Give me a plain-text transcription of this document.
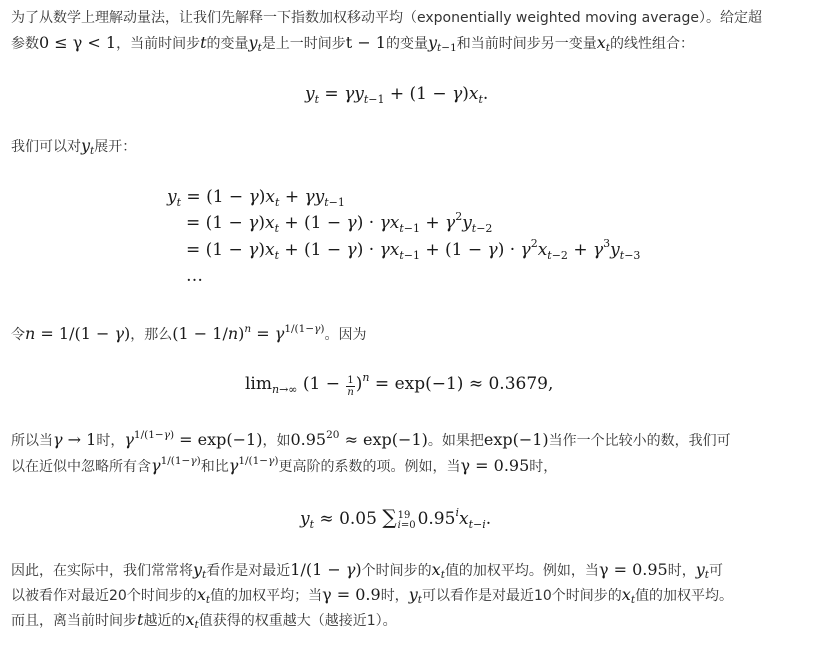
为了从数学上理解动量法，让我们先解释一下指数加权移动平均（exponentially weighted moving average）。给定超
参数0 ≤ γ < 1，当前时间步t的变量$y_t$是上一时间步t − 1的变量$y_{t-1}$和当前时间步另一变量$x_t$的线性组合：
$y_t = \gamma y_{t-1} + (1 - \gamma)x_t$.
我们可以对$y_t$展开：
$y_t = (1 - \gamma)x_t + \gamma y_{t-1}$
= $(1 - \gamma)x_t + (1 - \gamma) \cdot \gamma x_{t-1} + \gamma^2y_{t-2}$
= $(1 - \gamma)x_t + (1 - \gamma) \cdot \gamma x_{t-1} + (1 - \gamma) \cdot \gamma^2x_{t-2} + \gamma^3y_{t-3}$
…
令n = 1/(1 − γ)，那么$(1 - 1/n)^n = \gamma^{1/(1-\gamma)}$。因为
$\lim_{n\to\infty} (1 - \frac{1}{n} )^n = \exp(-1) \approx 0.3679$,
所以当γ → 1时，$\gamma^{1/(1-\gamma)} = \exp(-1)$，如$0.95^{20} \approx \exp(-1)$。如果把exp(−1)当作一个比较小的数，我们可
以在近似中忽略所有含$\gamma^{1/(1-\gamma)}$和比$\gamma^{1/(1-\gamma)}$更高阶的系数的项。例如，当γ = 0.95时，
$y_t \approx 0.05$ ∑ 19
i=0 $0.95^ix_{t-i}$.
因此，在实际中，我们常常将$y_t$看作是对最近1/(1 − γ)个时间步的$x_t$值的加权平均。例如，当γ = 0.95时，$y_t$可
以被看作对最近20个时间步的$x_t$值的加权平均；当γ = 0.9时，$y_t$可以看作是对最近10个时间步的$x_t$值的加权平均。
而且，离当前时间步t越近的$x_t$值获得的权重越大（越接近1）。
